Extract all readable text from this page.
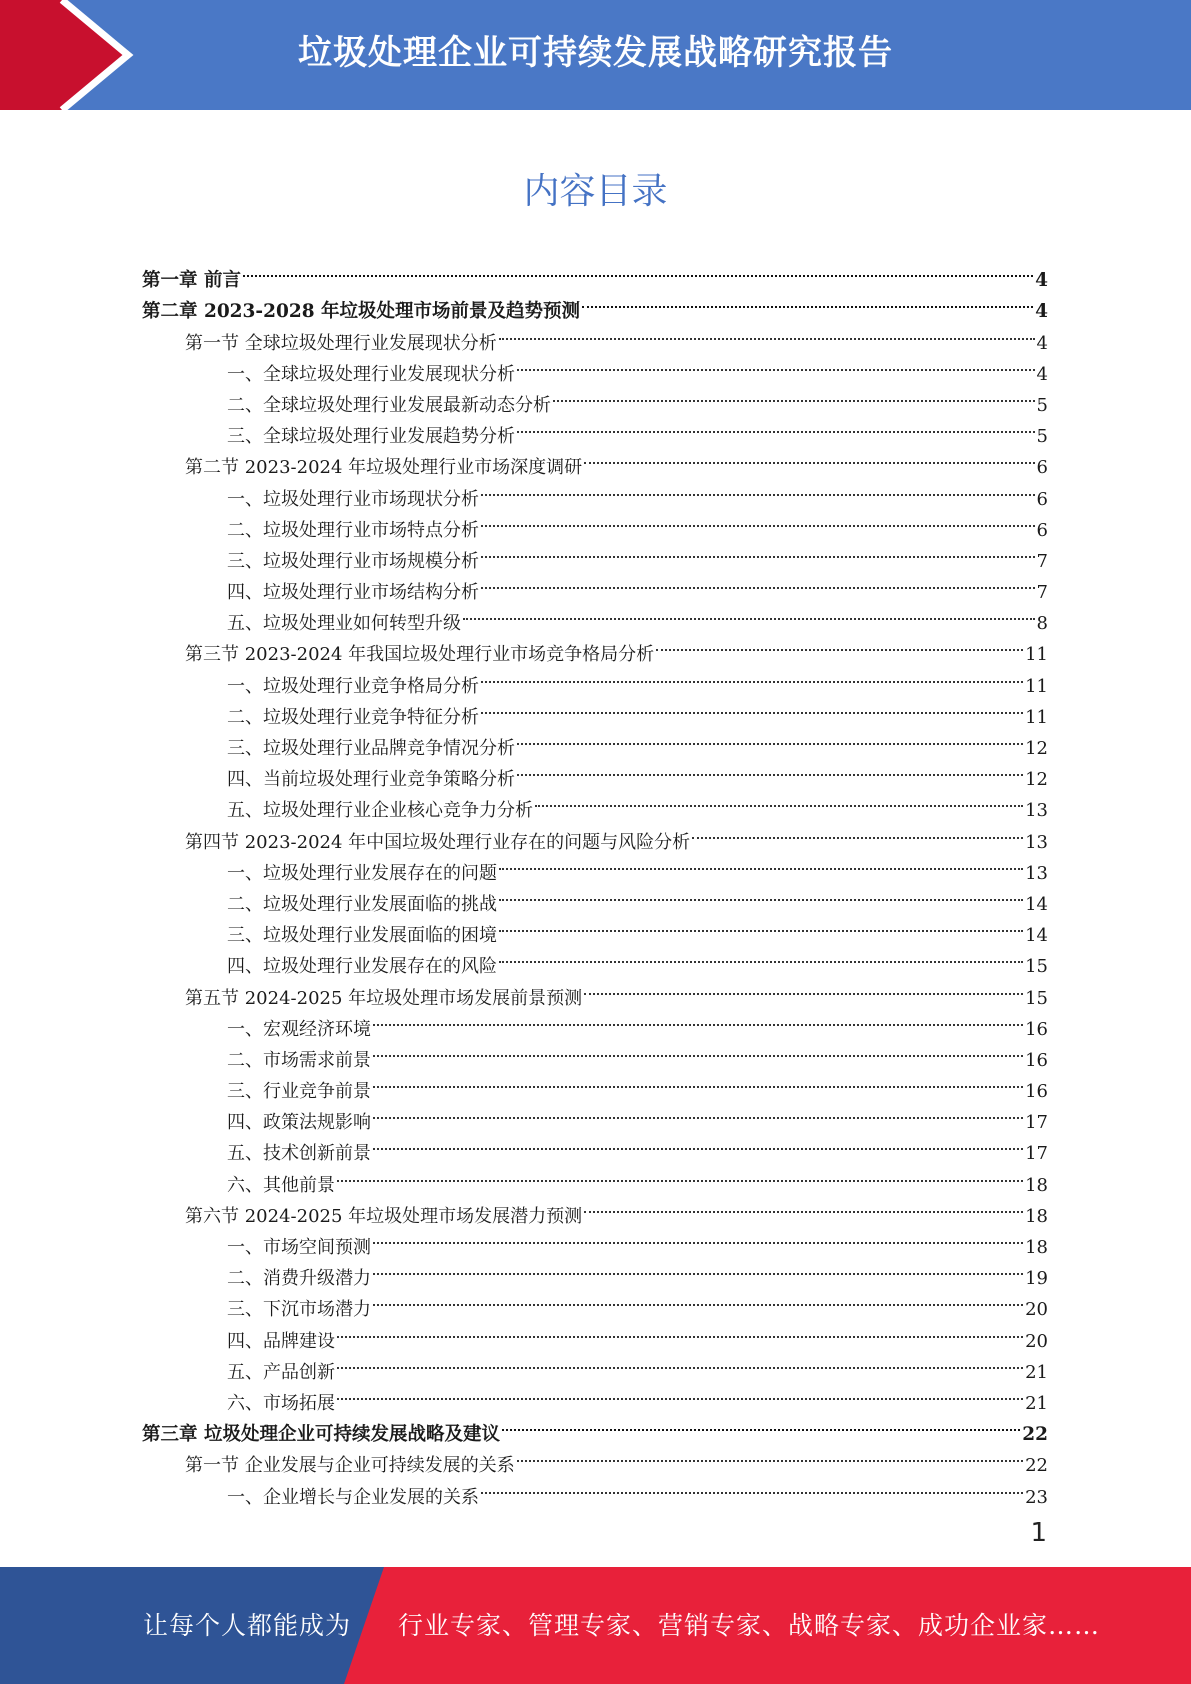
垃圾处理企业可持续发展战略研究报告
内容目录
第一章 前言	4
第二章 2023-2028 年垃圾处理市场前景及趋势预测	4
第一节 全球垃圾处理行业发展现状分析	4
一、全球垃圾处理行业发展现状分析	4
二、全球垃圾处理行业发展最新动态分析	5
三、全球垃圾处理行业发展趋势分析	5
第二节 2023-2024 年垃圾处理行业市场深度调研	6
一、垃圾处理行业市场现状分析	6
二、垃圾处理行业市场特点分析	6
三、垃圾处理行业市场规模分析	7
四、垃圾处理行业市场结构分析	7
五、垃圾处理业如何转型升级	8
第三节 2023-2024 年我国垃圾处理行业市场竞争格局分析	11
一、垃圾处理行业竞争格局分析	11
二、垃圾处理行业竞争特征分析	11
三、垃圾处理行业品牌竞争情况分析	12
四、当前垃圾处理行业竞争策略分析	12
五、垃圾处理行业企业核心竞争力分析	13
第四节 2023-2024 年中国垃圾处理行业存在的问题与风险分析	13
一、垃圾处理行业发展存在的问题	13
二、垃圾处理行业发展面临的挑战	14
三、垃圾处理行业发展面临的困境	14
四、垃圾处理行业发展存在的风险	15
第五节 2024-2025 年垃圾处理市场发展前景预测	15
一、宏观经济环境	16
二、市场需求前景	16
三、行业竞争前景	16
四、政策法规影响	17
五、技术创新前景	17
六、其他前景	18
第六节 2024-2025 年垃圾处理市场发展潜力预测	18
一、市场空间预测	18
二、消费升级潜力	19
三、下沉市场潜力	20
四、品牌建设	20
五、产品创新	21
六、市场拓展	21
第三章 垃圾处理企业可持续发展战略及建议	22
第一节 企业发展与企业可持续发展的关系	22
一、企业增长与企业发展的关系	23
1
让每个人都能成为 行业专家、管理专家、营销专家、战略专家、成功企业家……
